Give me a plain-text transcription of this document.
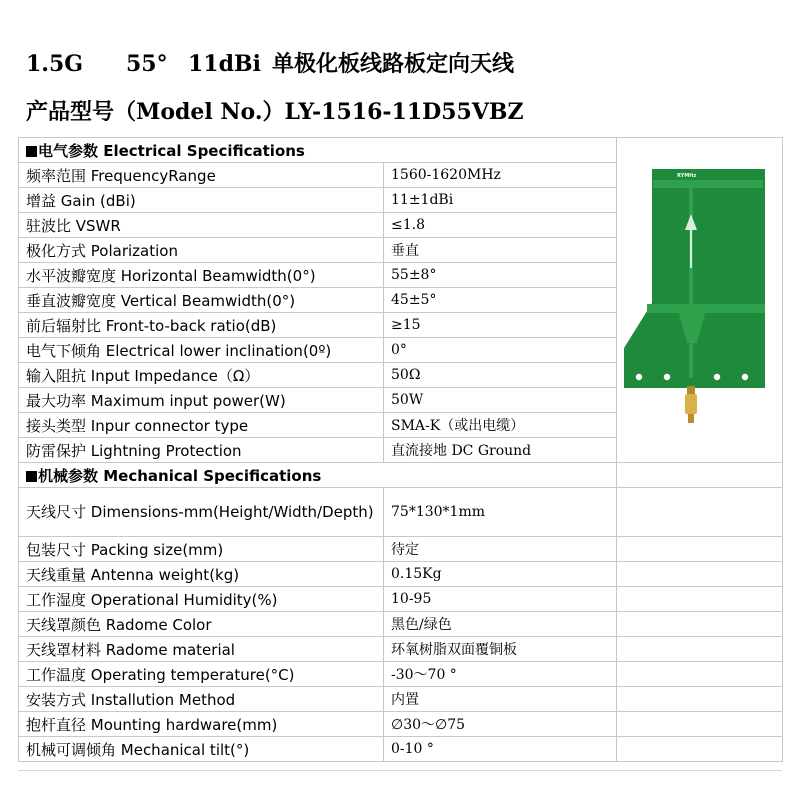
1.5G 55° 11dBi 单极化板线路板定向天线
产品型号（Model No.）LY-1516-11D55VBZ
电气参数 Electrical Specifications		RYMHz

频率范围 FrequencyRange	1560-1620MHz	
增益 Gain (dBi)	11±1dBi	
驻波比 VSWR	≤1.8	
极化方式 Polarization	垂直	
水平波瓣宽度 Horizontal Beamwidth(0°)	55±8°	
垂直波瓣宽度 Vertical Beamwidth(0°)	45±5°	
前后辐射比 Front-to-back ratio(dB)	≥15	
电气下倾角 Electrical lower inclination(0º)	0°	
输入阻抗 Input Impedance（Ω）	50Ω	
最大功率 Maximum input power(W)	50W	
接头类型 Inpur connector type	SMA-K（或出电缆）	
防雷保护 Lightning Protection	直流接地 DC Ground	
机械参数 Mechanical Specifications		
天线尺寸 Dimensions-mm(Height/Width/Depth)	75*130*1mm	
包装尺寸 Packing size(mm)	待定	
天线重量 Antenna weight(kg)	0.15Kg	
工作湿度 Operational Humidity(%)	10-95	
天线罩颜色 Radome Color	黑色/绿色	
天线罩材料 Radome material	环氧树脂双面覆铜板	
工作温度 Operating temperature(°C)	-30～70 °	
安装方式 Installution Method	内置	
抱杆直径 Mounting hardware(mm)	∅30～∅75	
机械可调倾角 Mechanical tilt(°)	0-10 °	
